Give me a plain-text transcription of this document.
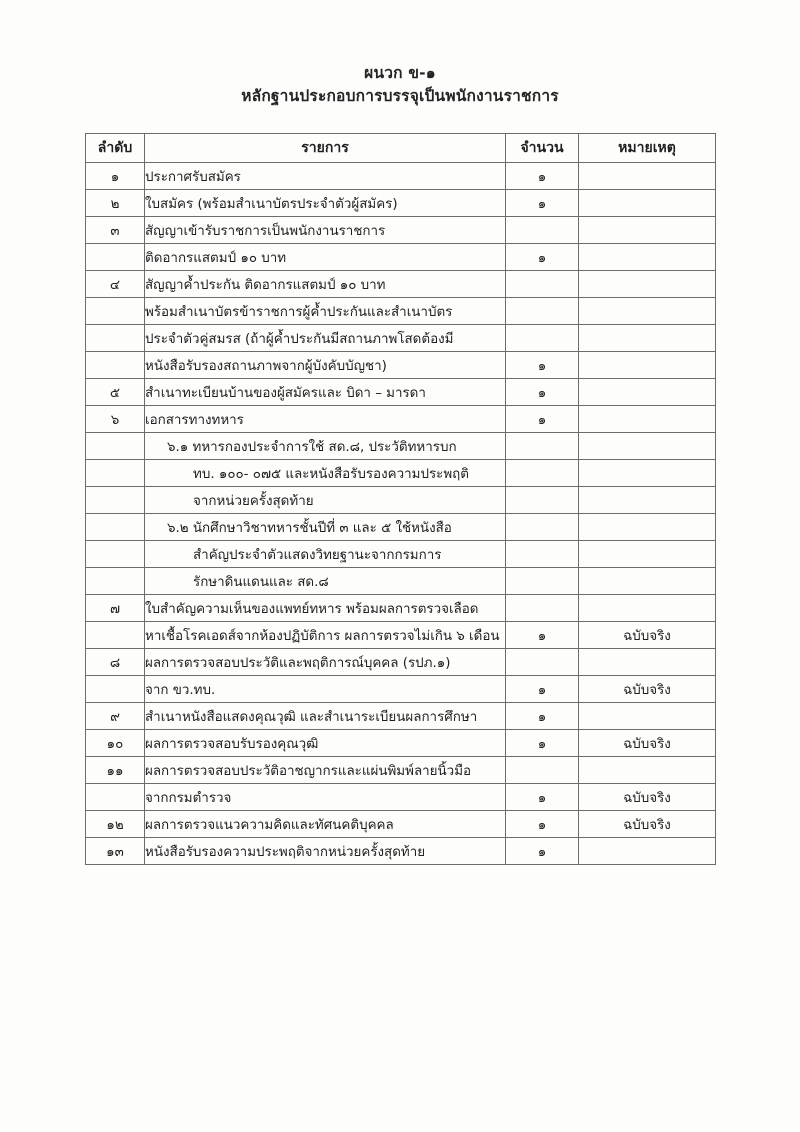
ผนวก ข-๑
หลักฐานประกอบการบรรจุเป็นพนักงานราชการ
ลำดับ	รายการ	จำนวน	หมายเหตุ
๑	ประกาศรับสมัคร	๑	
๒	ใบสมัคร (พร้อมสำเนาบัตรประจำตัวผู้สมัคร)	๑	
๓	สัญญาเข้ารับราชการเป็นพนักงานราชการ		
	ติดอากรแสตมป์ ๑๐ บาท	๑	
๔	สัญญาค้ำประกัน ติดอากรแสตมป์ ๑๐ บาท		
	พร้อมสำเนาบัตรข้าราชการผู้ค้ำประกันและสำเนาบัตร		
	ประจำตัวคู่สมรส (ถ้าผู้ค้ำประกันมีสถานภาพโสดต้องมี		
	หนังสือรับรองสถานภาพจากผู้บังคับบัญชา)	๑	
๕	สำเนาทะเบียนบ้านของผู้สมัครและ บิดา – มารดา	๑	
๖	เอกสารทางทหาร	๑	
	๖.๑ ทหารกองประจำการใช้ สด.๘, ประวัติทหารบก		
	ทบ. ๑๐๐- ๐๗๕ และหนังสือรับรองความประพฤติ		
	จากหน่วยครั้งสุดท้าย		
	๖.๒ นักศึกษาวิชาทหารชั้นปีที่ ๓ และ ๕ ใช้หนังสือ		
	สำคัญประจำตัวแสดงวิทยฐานะจากกรมการ		
	รักษาดินแดนและ สด.๘		
๗	ใบสำคัญความเห็นของแพทย์ทหาร พร้อมผลการตรวจเลือด		
	หาเชื้อโรคเอดส์จากห้องปฏิบัติการ ผลการตรวจไม่เกิน ๖ เดือน	๑	ฉบับจริง
๘	ผลการตรวจสอบประวัติและพฤติการณ์บุคคล (รปภ.๑)		
	จาก ขว.ทบ.	๑	ฉบับจริง
๙	สำเนาหนังสือแสดงคุณวุฒิ และสำเนาระเบียนผลการศึกษา	๑	
๑๐	ผลการตรวจสอบรับรองคุณวุฒิ	๑	ฉบับจริง
๑๑	ผลการตรวจสอบประวัติอาชญากรและแผ่นพิมพ์ลายนิ้วมือ		
	จากกรมตำรวจ	๑	ฉบับจริง
๑๒	ผลการตรวจแนวความคิดและทัศนคติบุคคล	๑	ฉบับจริง
๑๓	หนังสือรับรองความประพฤติจากหน่วยครั้งสุดท้าย	๑	
